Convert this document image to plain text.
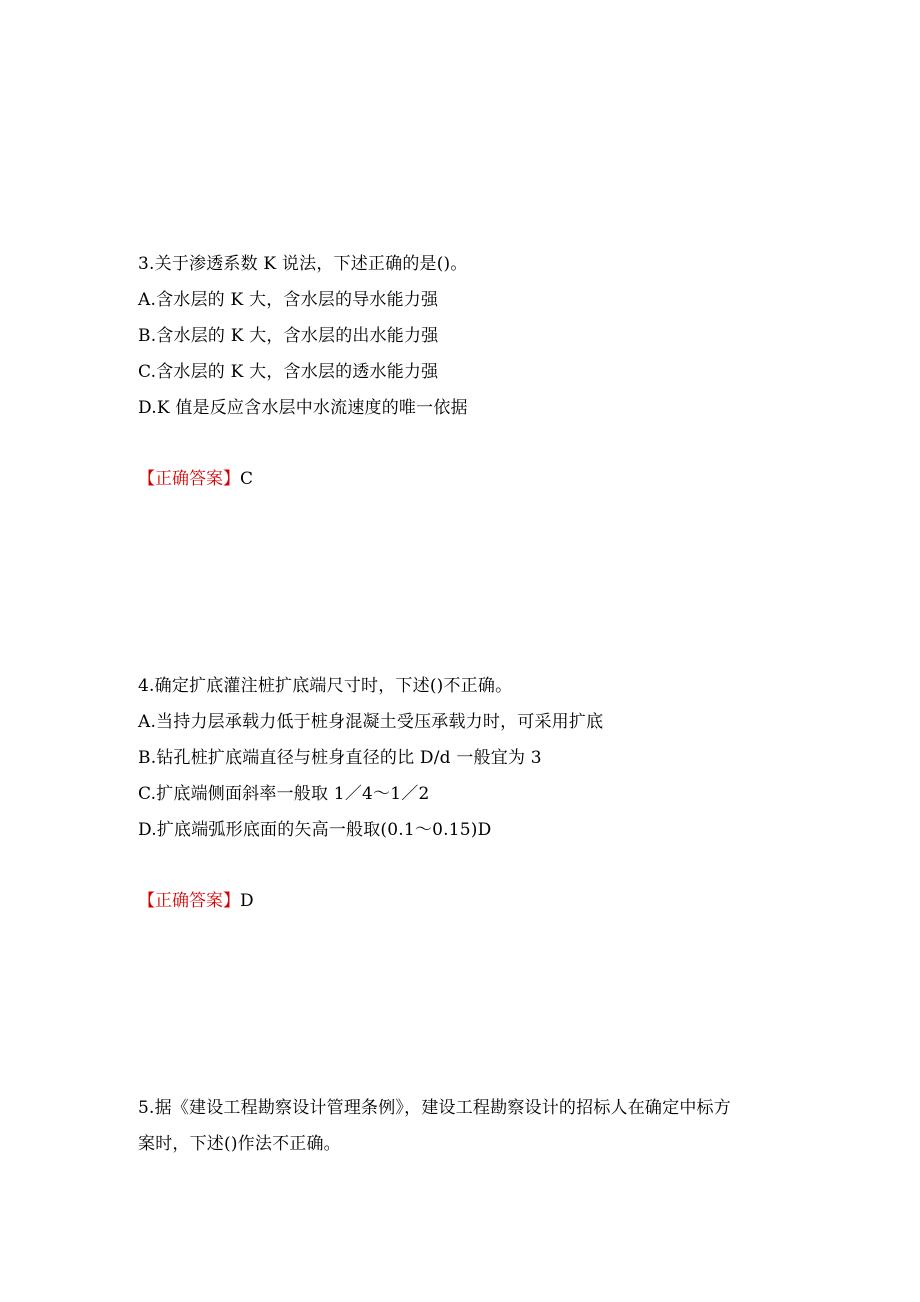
3.关于渗透系数 K 说法，下述正确的是()。
A.含水层的 K 大，含水层的导水能力强
B.含水层的 K 大，含水层的出水能力强
C.含水层的 K 大，含水层的透水能力强
D.K 值是反应含水层中水流速度的唯一依据
【正确答案】C
4.确定扩底灌注桩扩底端尺寸时，下述()不正确。
A.当持力层承载力低于桩身混凝土受压承载力时，可采用扩底
B.钻孔桩扩底端直径与桩身直径的比 D/d 一般宜为 3
C.扩底端侧面斜率一般取 1／4～1／2
D.扩底端弧形底面的矢高一般取(0.1～0.15)D
【正确答案】D
5.据《建设工程勘察设计管理条例》，建设工程勘察设计的招标人在确定中标方
案时，下述()作法不正确。
